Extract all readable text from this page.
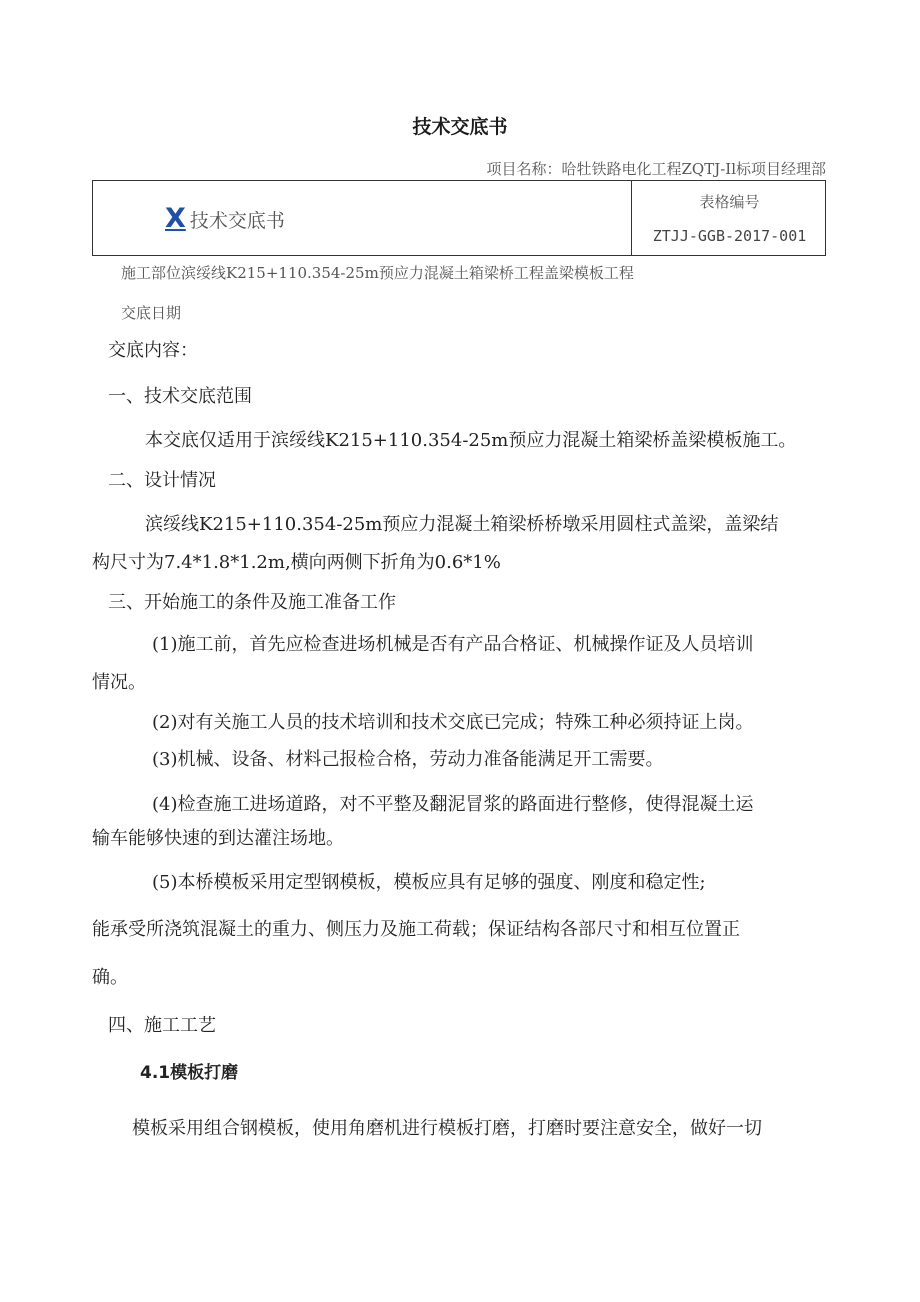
技术交底书
项目名称：哈牡铁路电化工程ZQTJ-Il标项目经理部
X 技术交底书
表格编号
ZTJJ-GGB-2017-001
施工部位滨绥线K215+110.354-25m预应力混凝土箱梁桥工程盖梁模板工程
交底日期
交底内容：
一、技术交底范围
本交底仅适用于滨绥线K215+110.354-25m预应力混凝土箱梁桥盖梁模板施工。
二、设计情况
滨绥线K215+110.354-25m预应力混凝土箱梁桥桥墩采用圆柱式盖梁，盖梁结
构尺寸为7.4*1.8*1.2m,横向两侧下折角为0.6*1%
三、开始施工的条件及施工准备工作
(1)施工前，首先应检查进场机械是否有产品合格证、机械操作证及人员培训
情况。
(2)对有关施工人员的技术培训和技术交底已完成；特殊工种必须持证上岗。
(3)机械、设备、材料己报检合格，劳动力准备能满足开工需要。
(4)检查施工进场道路，对不平整及翻泥冒浆的路面进行整修，使得混凝土运
输车能够快速的到达灌注场地。
(5)本桥模板采用定型钢模板，模板应具有足够的强度、刚度和稳定性;
能承受所浇筑混凝土的重力、侧压力及施工荷载；保证结构各部尺寸和相互位置正
确。
四、施工工艺
4.1模板打磨
模板采用组合钢模板，使用角磨机进行模板打磨，打磨时要注意安全，做好一切
